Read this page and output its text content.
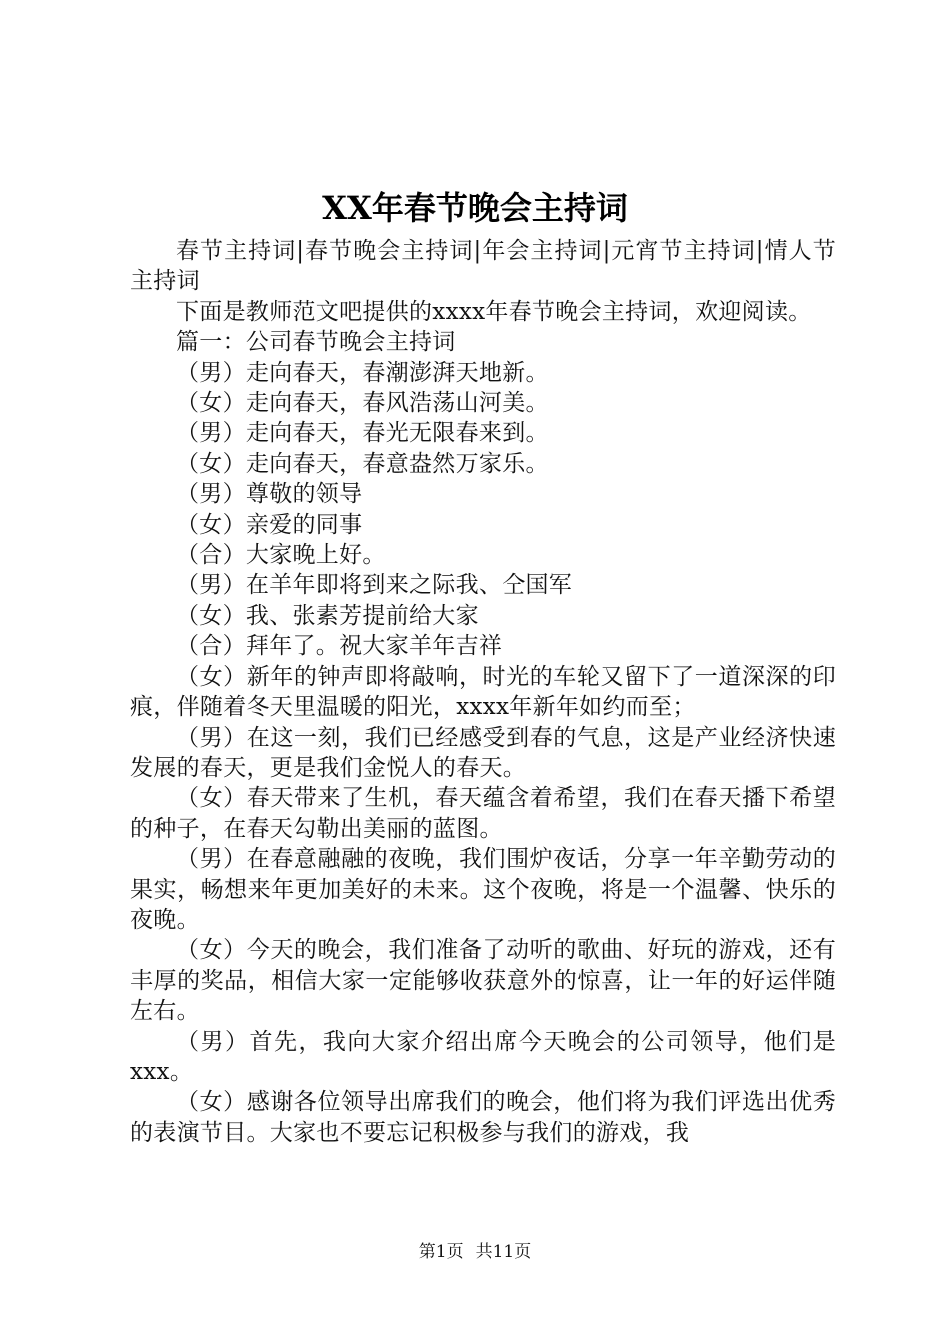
XX年春节晚会主持词

春节主持词|春节晚会主持词|年会主持词|元宵节主持词|情人节主持词

下面是教师范文吧提供的xxxx年春节晚会主持词，欢迎阅读。

篇一：公司春节晚会主持词

（男）走向春天，春潮澎湃天地新。

（女）走向春天，春风浩荡山河美。

（男）走向春天，春光无限春来到。

（女）走向春天，春意盎然万家乐。

（男）尊敬的领导

（女）亲爱的同事

（合）大家晚上好。

（男）在羊年即将到来之际我、仝国军

（女）我、张素芳提前给大家

（合）拜年了。祝大家羊年吉祥

（女）新年的钟声即将敲响，时光的车轮又留下了一道深深的印痕，伴随着冬天里温暖的阳光，xxxx年新年如约而至；

（男）在这一刻，我们已经感受到春的气息，这是产业经济快速发展的春天，更是我们金悦人的春天。

（女）春天带来了生机，春天蕴含着希望，我们在春天播下希望的种子，在春天勾勒出美丽的蓝图。

（男）在春意融融的夜晚，我们围炉夜话，分享一年辛勤劳动的果实，畅想来年更加美好的未来。这个夜晚，将是一个温馨、快乐的夜晚。

（女）今天的晚会，我们准备了动听的歌曲、好玩的游戏，还有丰厚的奖品，相信大家一定能够收获意外的惊喜，让一年的好运伴随左右。

（男）首先，我向大家介绍出席今天晚会的公司领导，他们是xxx。

（女）感谢各位领导出席我们的晚会，他们将为我们评选出优秀的表演节目。大家也不要忘记积极参与我们的游戏，我

第1页 共11页
